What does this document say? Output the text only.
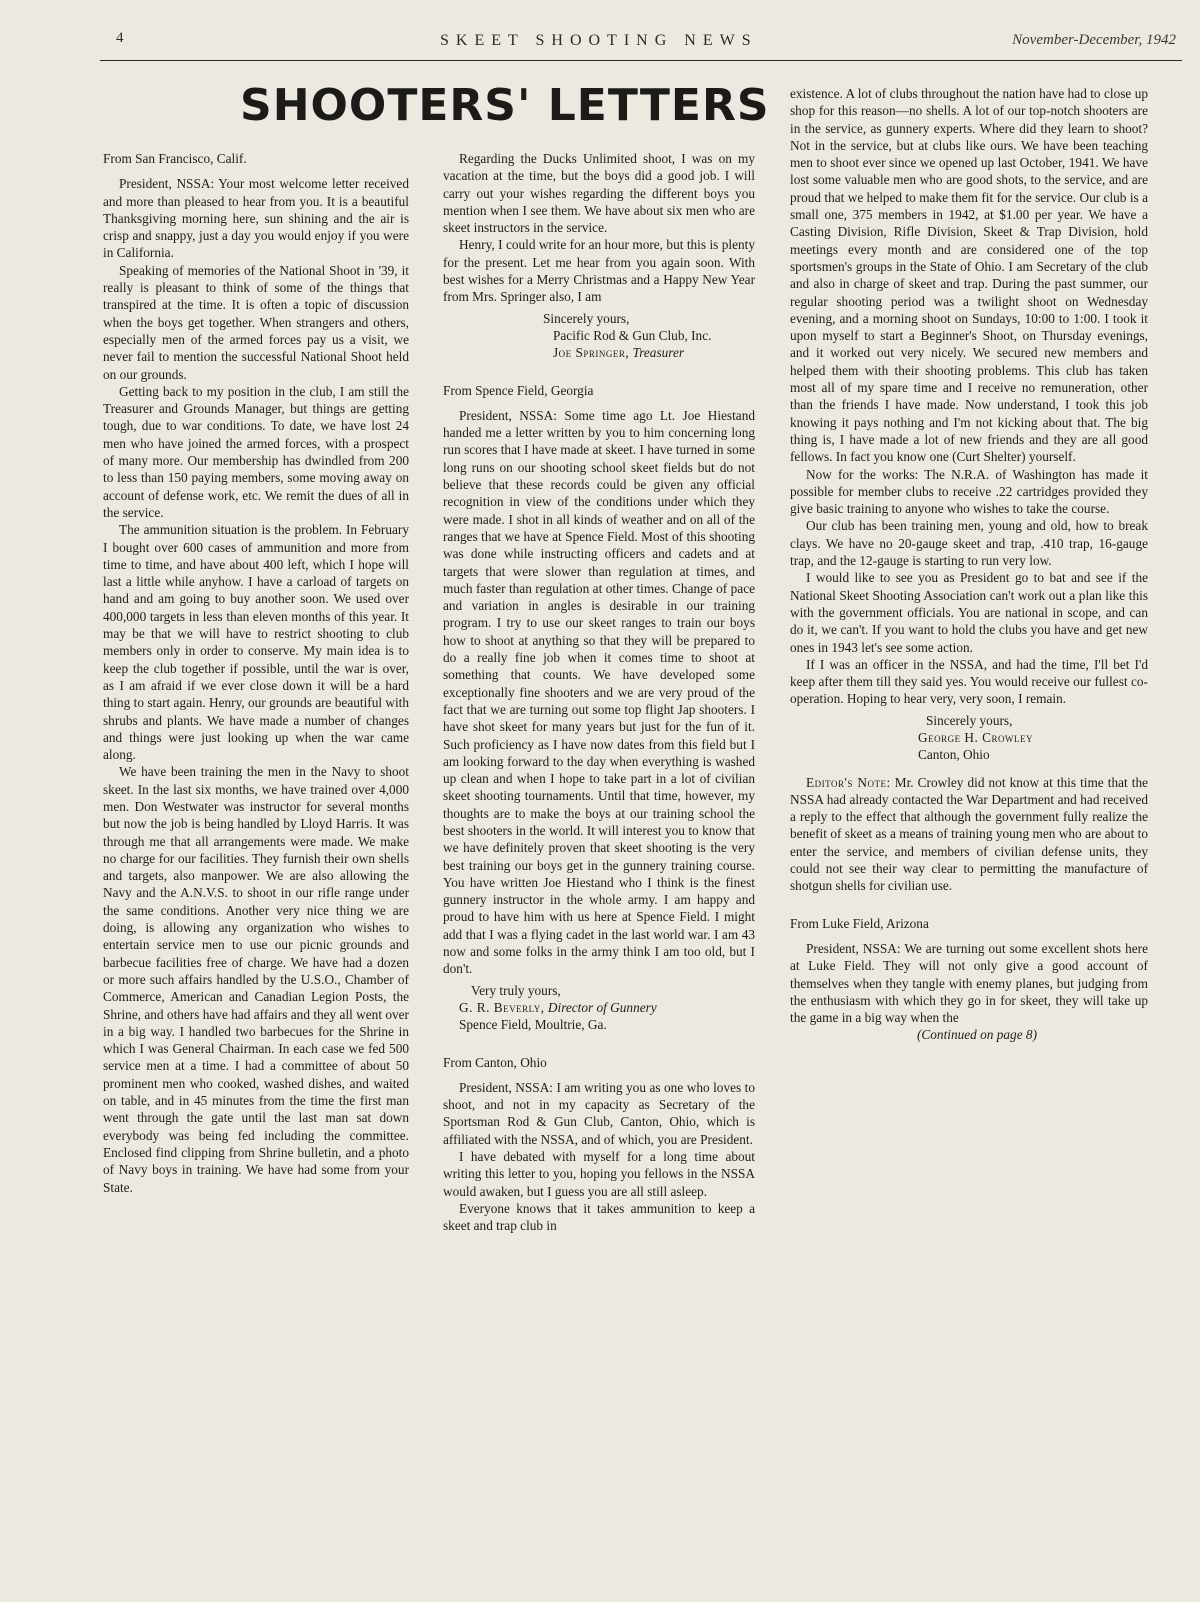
4	SKEET SHOOTING NEWS	November-December, 1942
SHOOTERS' LETTERS
From San Francisco, Calif.

President, NSSA: Your most welcome letter received and more than pleased to hear from you. It is a beautiful Thanksgiving morning here, sun shining and the air is crisp and snappy, just a day you would enjoy if you were in California.

Speaking of memories of the National Shoot in '39, it really is pleasant to think of some of the things that transpired at the time. It is often a topic of discussion when the boys get together. When strangers and others, especially men of the armed forces pay us a visit, we never fail to mention the successful National Shoot held on our grounds.

Getting back to my position in the club, I am still the Treasurer and Grounds Manager, but things are getting tough, due to war conditions. To date, we have lost 24 men who have joined the armed forces, with a prospect of many more. Our membership has dwindled from 200 to less than 150 paying members, some moving away on account of defense work, etc. We remit the dues of all in the service.

The ammunition situation is the problem. In February I bought over 600 cases of ammunition and more from time to time, and have about 400 left, which I hope will last a little while anyhow. I have a carload of targets on hand and am going to buy another soon. We used over 400,000 targets in less than eleven months of this year. It may be that we will have to restrict shooting to club members only in order to conserve. My main idea is to keep the club together if possible, until the war is over, as I am afraid if we ever close down it will be a hard thing to start again. Henry, our grounds are beautiful with shrubs and plants. We have made a number of changes and things were just looking up when the war came along.

We have been training the men in the Navy to shoot skeet. In the last six months, we have trained over 4,000 men. Don Westwater was instructor for several months but now the job is being handled by Lloyd Harris. It was through me that all arrangements were made. We make no charge for our facilities. They furnish their own shells and targets, also manpower. We are also allowing the Navy and the A.N.V.S. to shoot in our rifle range under the same conditions. Another very nice thing we are doing, is allowing any organization who wishes to entertain service men to use our picnic grounds and barbecue facilities free of charge. We have had a dozen or more such affairs handled by the U.S.O., Chamber of Commerce, American and Canadian Legion Posts, the Shrine, and others have had affairs and they all went over in a big way. I handled two barbecues for the Shrine in which I was General Chairman. In each case we fed 500 service men at a time. I had a committee of about 50 prominent men who cooked, washed dishes, and waited on table, and in 45 minutes from the time the first man went through the gate until the last man sat down everybody was being fed including the committee. Enclosed find clipping from Shrine bulletin, and a photo of Navy boys in training. We have had some from your State.

Regarding the Ducks Unlimited shoot, I was on my vacation at the time, but the boys did a good job. I will carry out your wishes regarding the different boys you mention when I see them. We have about six men who are skeet instructors in the service.

Henry, I could write for an hour more, but this is plenty for the present. Let me hear from you again soon. With best wishes for a Merry Christmas and a Happy New Year from Mrs. Springer also, I am

Sincerely yours,
Pacific Rod & Gun Club, Inc.
Joe Springer, Treasurer
From Spence Field, Georgia

President, NSSA: Some time ago Lt. Joe Hiestand handed me a letter written by you to him concerning long run scores that I have made at skeet. I have turned in some long runs on our shooting school skeet fields but do not believe that these records could be given any official recognition in view of the conditions under which they were made. I shot in all kinds of weather and on all of the ranges that we have at Spence Field. Most of this shooting was done while instructing officers and cadets and at targets that were slower than regulation at times, and much faster than regulation at other times. Change of pace and variation in angles is desirable in our training program. I try to use our skeet ranges to train our boys how to shoot at anything so that they will be prepared to do a really fine job when it comes time to shoot at something that counts. We have developed some exceptionally fine shooters and we are very proud of the fact that we are turning out some top flight Jap shooters. I have shot skeet for many years but just for the fun of it. Such proficiency as I have now dates from this field but I am looking forward to the day when everything is washed up clean and when I hope to take part in a lot of civilian skeet shooting tournaments. Until that time, however, my thoughts are to make the boys at our training school the best shooters in the world. It will interest you to know that we have definitely proven that skeet shooting is the very best training our boys get in the gunnery training course. You have written Joe Hiestand who I think is the finest gunnery instructor in the whole army. I am happy and proud to have him with us here at Spence Field. I might add that I was a flying cadet in the last world war. I am 43 now and some folks in the army think I am too old, but I don't.

Very truly yours,
G. R. Beverly, Director of Gunnery
Spence Field, Moultrie, Ga.
From Canton, Ohio

President, NSSA: I am writing you as one who loves to shoot, and not in my capacity as Secretary of the Sportsman Rod & Gun Club, Canton, Ohio, which is affiliated with the NSSA, and of which, you are President.

I have debated with myself for a long time about writing this letter to you, hoping you fellows in the NSSA would awaken, but I guess you are all still asleep.

Everyone knows that it takes ammunition to keep a skeet and trap club in

existence. A lot of clubs throughout the nation have had to close up shop for this reason—no shells. A lot of our top-notch shooters are in the service, as gunnery experts. Where did they learn to shoot? Not in the service, but at clubs like ours. We have been teaching men to shoot ever since we opened up last October, 1941. We have lost some valuable men who are good shots, to the service, and are proud that we helped to make them fit for the service. Our club is a small one, 375 members in 1942, at $1.00 per year. We have a Casting Division, Rifle Division, Skeet & Trap Division, hold meetings every month and are considered one of the top sportsmen's groups in the State of Ohio. I am Secretary of the club and also in charge of skeet and trap. During the past summer, our regular shooting period was a twilight shoot on Wednesday evening, and a morning shoot on Sundays, 10:00 to 1:00. I took it upon myself to start a Beginner's Shoot, on Thursday evenings, and it worked out very nicely. We secured new members and helped them with their shooting problems. This club has taken most all of my spare time and I receive no remuneration, other than the friends I have made. Now understand, I took this job knowing it pays nothing and I'm not kicking about that. The big thing is, I have made a lot of new friends and they are all good fellows. In fact you know one (Curt Shelter) yourself.

Now for the works: The N.R.A. of Washington has made it possible for member clubs to receive .22 cartridges provided they give basic training to anyone who wishes to take the course.

Our club has been training men, young and old, how to break clays. We have no 20-gauge skeet and trap, .410 trap, 16-gauge trap, and the 12-gauge is starting to run very low.

I would like to see you as President go to bat and see if the National Skeet Shooting Association can't work out a plan like this with the government officials. You are national in scope, and can do it, we can't. If you want to hold the clubs you have and get new ones in 1943 let's see some action.

If I was an officer in the NSSA, and had the time, I'll bet I'd keep after them till they said yes. You would receive our fullest co-operation. Hoping to hear very, very soon, I remain.

Sincerely yours,
George H. Crowley
Canton, Ohio

Editor's Note: Mr. Crowley did not know at this time that the NSSA had already contacted the War Department and had received a reply to the effect that although the government fully realize the benefit of skeet as a means of training young men who are about to enter the service, and members of civilian defense units, they could not see their way clear to permitting the manufacture of shotgun shells for civilian use.

From Luke Field, Arizona

President, NSSA: We are turning out some excellent shots here at Luke Field. They will not only give a good account of themselves when they tangle with enemy planes, but judging from the enthusiasm with which they go in for skeet, they will take up the game in a big way when the

(Continued on page 8)
